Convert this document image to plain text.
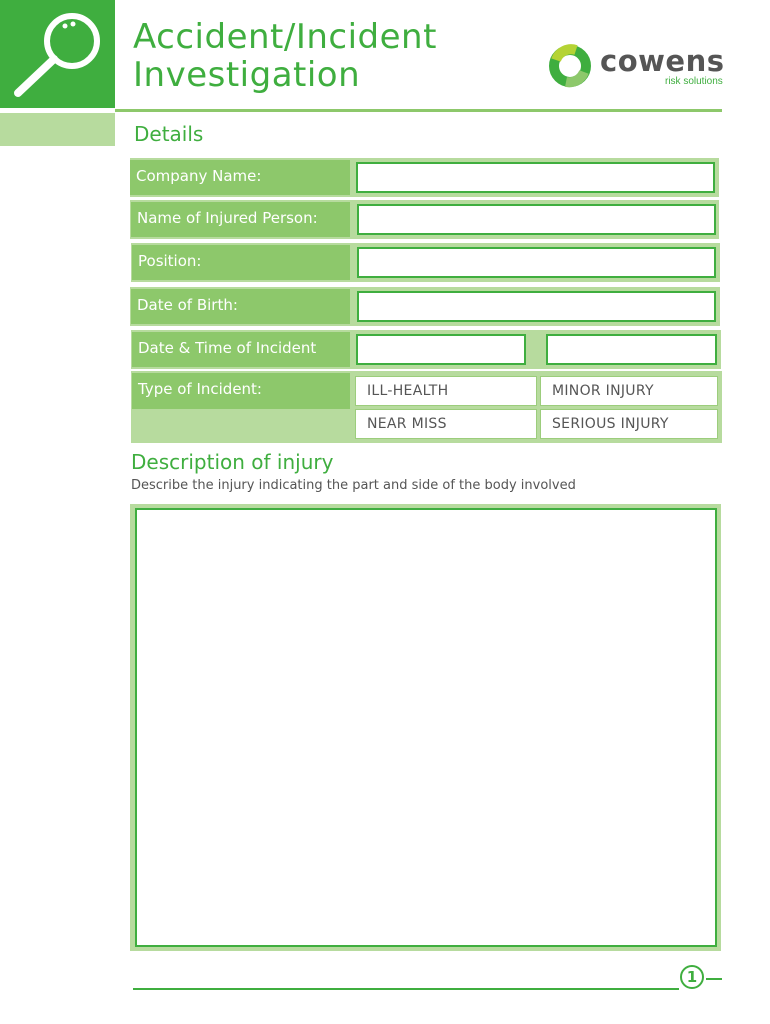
Accident/Incident
Investigation	cowens
risk solutions
Details
Company Name:
Name of Injured Person:
Position:
Date of Birth:
Date & Time of Incident
Type of Incident:	ILL-HEALTH	MINOR INJURY
NEAR MISS	SERIOUS INJURY
Description of injury
Describe the injury indicating the part and side of the body involved
1
